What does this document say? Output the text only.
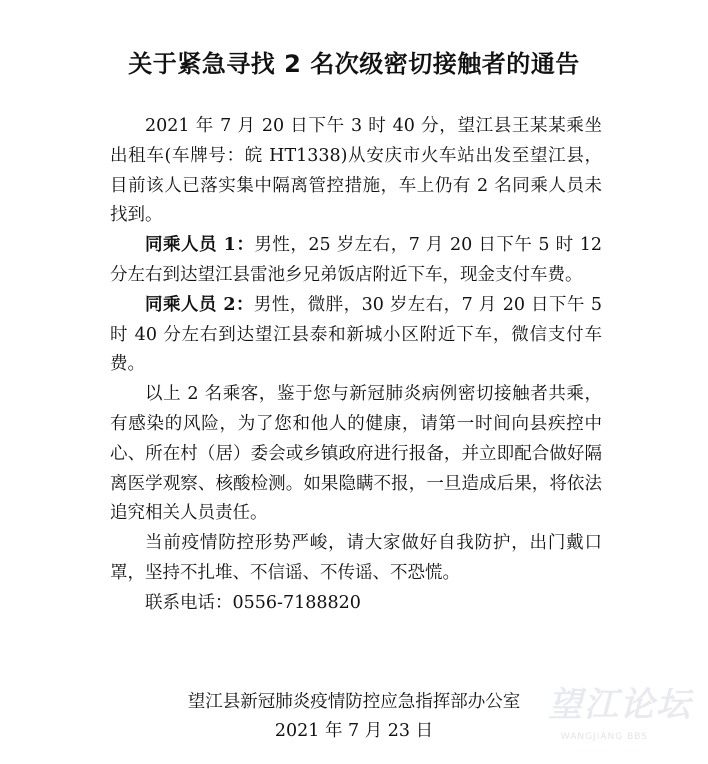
关于紧急寻找 2 名次级密切接触者的通告

2021 年 7 月 20 日下午 3 时 40 分，望江县王某某乘坐出租车(车牌号：皖 HT1338)从安庆市火车站出发至望江县，目前该人已落实集中隔离管控措施，车上仍有 2 名同乘人员未找到。

同乘人员 1：男性，25 岁左右，7 月 20 日下午 5 时 12 分左右到达望江县雷池乡兄弟饭店附近下车，现金支付车费。

同乘人员 2：男性，微胖，30 岁左右，7 月 20 日下午 5 时 40 分左右到达望江县泰和新城小区附近下车，微信支付车费。

以上 2 名乘客，鉴于您与新冠肺炎病例密切接触者共乘，有感染的风险，为了您和他人的健康，请第一时间向县疾控中心、所在村（居）委会或乡镇政府进行报备，并立即配合做好隔离医学观察、核酸检测。如果隐瞒不报，一旦造成后果，将依法追究相关人员责任。

当前疫情防控形势严峻，请大家做好自我防护，出门戴口罩，坚持不扎堆、不信谣、不传谣、不恐慌。

联系电话：0556-7188820

望江县新冠肺炎疫情防控应急指挥部办公室
2021 年 7 月 23 日
望江论坛
WANGJIANG BBS
